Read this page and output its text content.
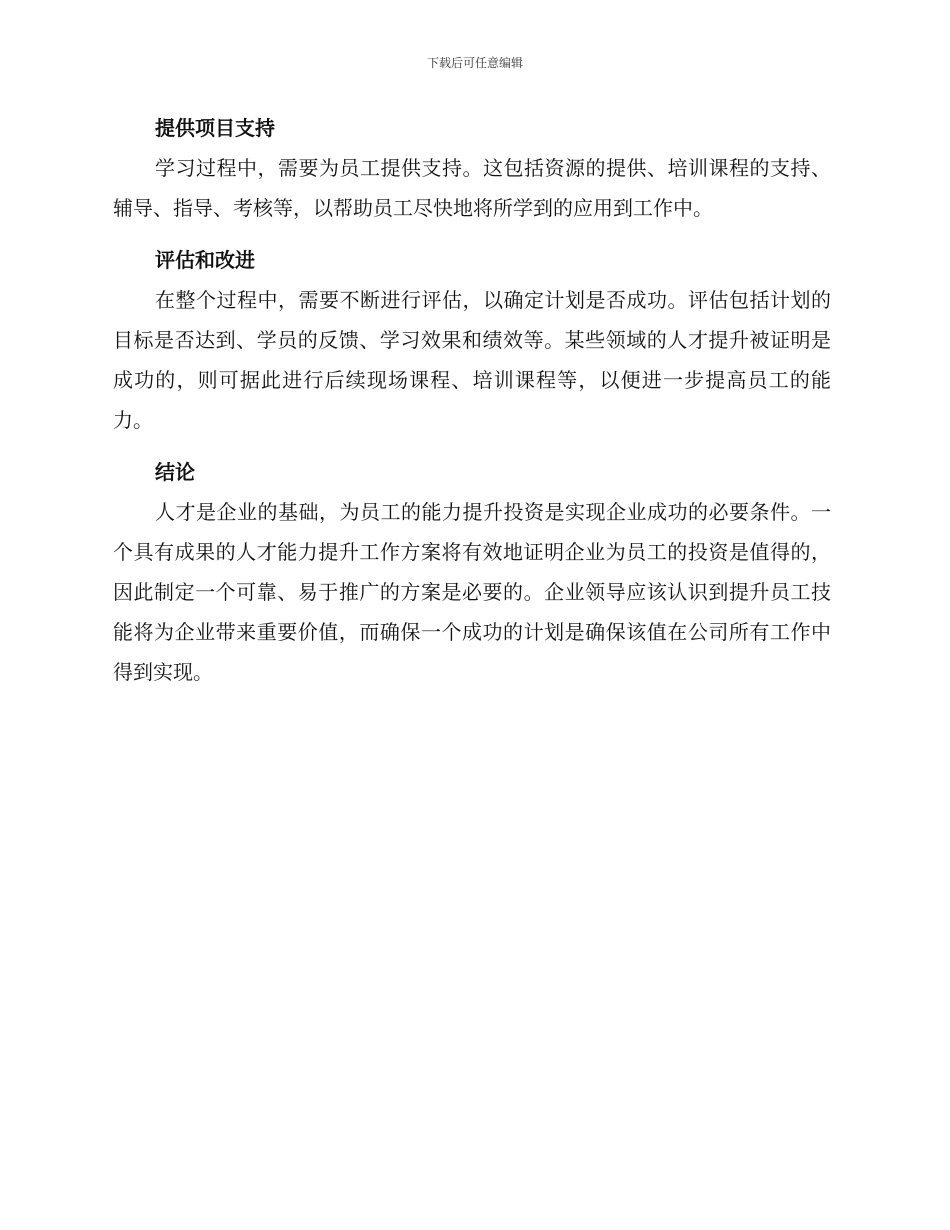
下载后可任意编辑
提供项目支持

学习过程中，需要为员工提供支持。这包括资源的提供、培训课程的支持、辅导、指导、考核等，以帮助员工尽快地将所学到的应用到工作中。

评估和改进

在整个过程中，需要不断进行评估，以确定计划是否成功。评估包括计划的目标是否达到、学员的反馈、学习效果和绩效等。某些领域的人才提升被证明是成功的，则可据此进行后续现场课程、培训课程等，以便进一步提高员工的能力。

结论

人才是企业的基础，为员工的能力提升投资是实现企业成功的必要条件。一个具有成果的人才能力提升工作方案将有效地证明企业为员工的投资是值得的，因此制定一个可靠、易于推广的方案是必要的。企业领导应该认识到提升员工技能将为企业带来重要价值，而确保一个成功的计划是确保该值在公司所有工作中得到实现。
